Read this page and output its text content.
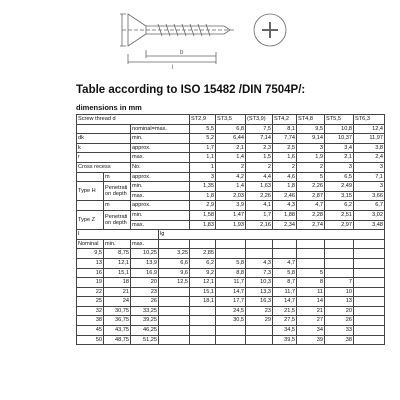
l
b
Table according to ISO 15482 /DIN 7504P/:
dimensions in mm
Screw thread d				ST2,9	ST3,5	(ST3,9)	ST4,2	ST4,8	ST5,5	ST6,3
		nominal=max.		5,5	6,8	7,5	8,1	9,5	10,8	12,4
dk		min.		5,2	6,44	7,14	7,74	9,14	10,37	11,97
k		approx.		1,7	2,1	2,3	2,5	3	3,4	3,8
r		max.		1,1	1,4	1,5	1,6	1,9	2,1	2,4
Cross recess		No.		1	2	2	2	2	3	3
	m	approx.		3	4,2	4,4	4,6	5	6,5	7,1
Type H	Penetrati on depth	min.		1,35	1,4	1,63	1,8	2,26	2,49	3
		max.		1,8	2,03	2,26	2,46	2,87	3,15	3,66
	m	approx.		2,9	3,9	4,1	4,3	4,7	6,2	6,7
Type Z	Penetrati on depth	min.		1,58	1,47	1,7	1,88	2,28	2,51	3,02
		max.		1,83	1,93	2,16	2,34	2,74	2,97	3,48
l			lg							
Nominal	min.	max.								
9,5	8,75	10,25	3,25	2,85						
13	12,1	13,9	6,6	6,2	5,8	4,3	4,7			
16	15,1	16,9	9,6	9,2	8,8	7,3	5,8	5		
19	18	20	12,5	12,1	11,7	10,3	8,7	8	7	
22	21	23		15,1	14,7	13,3	11,7	11	10	
25	24	26		18,1	17,7	16,3	14,7	14	13	
32	30,75	33,25			24,5	23	21,5	21	20	
38	36,75	39,25			30,5	29	27,5	27	26	
45	43,75	46,25					34,5	34	33	
50	48,75	51,25					39,5	39	38	
